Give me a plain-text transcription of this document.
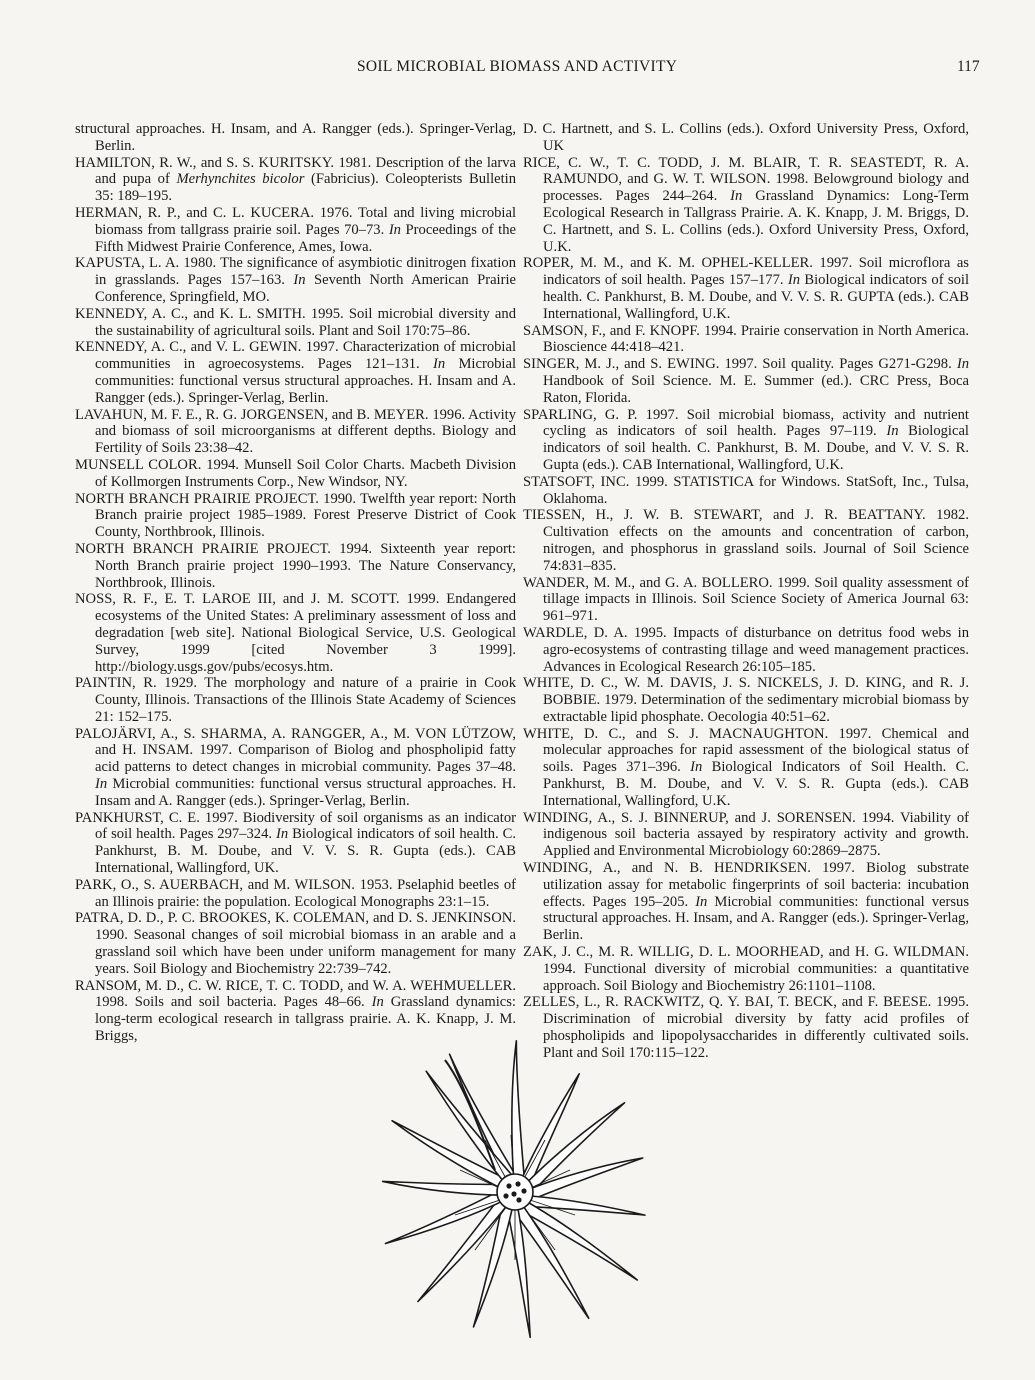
SOIL MICROBIAL BIOMASS AND ACTIVITY	117

structural approaches. H. Insam, and A. Rangger (eds.). Springer-Verlag, Berlin.

HAMILTON, R. W., and S. S. KURITSKY. 1981. Description of the larva and pupa of Merhynchites bicolor (Fabricius). Coleopterists Bulletin 35: 189–195.

HERMAN, R. P., and C. L. KUCERA. 1976. Total and living microbial biomass from tallgrass prairie soil. Pages 70–73. In Proceedings of the Fifth Midwest Prairie Conference, Ames, Iowa.

KAPUSTA, L. A. 1980. The significance of asymbiotic dinitrogen fixation in grasslands. Pages 157–163. In Seventh North American Prairie Conference, Springfield, MO.

KENNEDY, A. C., and K. L. SMITH. 1995. Soil microbial diversity and the sustainability of agricultural soils. Plant and Soil 170:75–86.

KENNEDY, A. C., and V. L. GEWIN. 1997. Characterization of microbial communities in agroecosystems. Pages 121–131. In Microbial communities: functional versus structural approaches. H. Insam and A. Rangger (eds.). Springer-Verlag, Berlin.

LAVAHUN, M. F. E., R. G. JORGENSEN, and B. MEYER. 1996. Activity and biomass of soil microorganisms at different depths. Biology and Fertility of Soils 23:38–42.

MUNSELL COLOR. 1994. Munsell Soil Color Charts. Macbeth Division of Kollmorgen Instruments Corp., New Windsor, NY.

NORTH BRANCH PRAIRIE PROJECT. 1990. Twelfth year report: North Branch prairie project 1985–1989. Forest Preserve District of Cook County, Northbrook, Illinois.

NORTH BRANCH PRAIRIE PROJECT. 1994. Sixteenth year report: North Branch prairie project 1990–1993. The Nature Conservancy, Northbrook, Illinois.

NOSS, R. F., E. T. LAROE III, and J. M. SCOTT. 1999. Endangered ecosystems of the United States: A preliminary assessment of loss and degradation [web site]. National Biological Service, U.S. Geological Survey, 1999 [cited November 3 1999]. http://biology.usgs.gov/pubs/ecosys.htm.

PAINTIN, R. 1929. The morphology and nature of a prairie in Cook County, Illinois. Transactions of the Illinois State Academy of Sciences 21: 152–175.

PALOJÄRVI, A., S. SHARMA, A. RANGGER, A., M. VON LÜTZOW, and H. INSAM. 1997. Comparison of Biolog and phospholipid fatty acid patterns to detect changes in microbial community. Pages 37–48. In Microbial communities: functional versus structural approaches. H. Insam and A. Rangger (eds.). Springer-Verlag, Berlin.

PANKHURST, C. E. 1997. Biodiversity of soil organisms as an indicator of soil health. Pages 297–324. In Biological indicators of soil health. C. Pankhurst, B. M. Doube, and V. V. S. R. Gupta (eds.). CAB International, Wallingford, UK.

PARK, O., S. AUERBACH, and M. WILSON. 1953. Pselaphid beetles of an Illinois prairie: the population. Ecological Monographs 23:1–15.

PATRA, D. D., P. C. BROOKES, K. COLEMAN, and D. S. JENKINSON. 1990. Seasonal changes of soil microbial biomass in an arable and a grassland soil which have been under uniform management for many years. Soil Biology and Biochemistry 22:739–742.

RANSOM, M. D., C. W. RICE, T. C. TODD, and W. A. WEHMUELLER. 1998. Soils and soil bacteria. Pages 48–66. In Grassland dynamics: long-term ecological research in tallgrass prairie. A. K. Knapp, J. M. Briggs,

D. C. Hartnett, and S. L. Collins (eds.). Oxford University Press, Oxford, UK

RICE, C. W., T. C. TODD, J. M. BLAIR, T. R. SEASTEDT, R. A. RAMUNDO, and G. W. T. WILSON. 1998. Belowground biology and processes. Pages 244–264. In Grassland Dynamics: Long-Term Ecological Research in Tallgrass Prairie. A. K. Knapp, J. M. Briggs, D. C. Hartnett, and S. L. Collins (eds.). Oxford University Press, Oxford, U.K.

ROPER, M. M., and K. M. OPHEL-KELLER. 1997. Soil microflora as indicators of soil health. Pages 157–177. In Biological indicators of soil health. C. Pankhurst, B. M. Doube, and V. V. S. R. GUPTA (eds.). CAB International, Wallingford, U.K.

SAMSON, F., and F. KNOPF. 1994. Prairie conservation in North America. Bioscience 44:418–421.

SINGER, M. J., and S. EWING. 1997. Soil quality. Pages G271-G298. In Handbook of Soil Science. M. E. Summer (ed.). CRC Press, Boca Raton, Florida.

SPARLING, G. P. 1997. Soil microbial biomass, activity and nutrient cycling as indicators of soil health. Pages 97–119. In Biological indicators of soil health. C. Pankhurst, B. M. Doube, and V. V. S. R. Gupta (eds.). CAB International, Wallingford, U.K.

STATSOFT, INC. 1999. STATISTICA for Windows. StatSoft, Inc., Tulsa, Oklahoma.

TIESSEN, H., J. W. B. STEWART, and J. R. BEATTANY. 1982. Cultivation effects on the amounts and concentration of carbon, nitrogen, and phosphorus in grassland soils. Journal of Soil Science 74:831–835.

WANDER, M. M., and G. A. BOLLERO. 1999. Soil quality assessment of tillage impacts in Illinois. Soil Science Society of America Journal 63: 961–971.

WARDLE, D. A. 1995. Impacts of disturbance on detritus food webs in agro-ecosystems of contrasting tillage and weed management practices. Advances in Ecological Research 26:105–185.

WHITE, D. C., W. M. DAVIS, J. S. NICKELS, J. D. KING, and R. J. BOBBIE. 1979. Determination of the sedimentary microbial biomass by extractable lipid phosphate. Oecologia 40:51–62.

WHITE, D. C., and S. J. MACNAUGHTON. 1997. Chemical and molecular approaches for rapid assessment of the biological status of soils. Pages 371–396. In Biological Indicators of Soil Health. C. Pankhurst, B. M. Doube, and V. V. S. R. Gupta (eds.). CAB International, Wallingford, U.K.

WINDING, A., S. J. BINNERUP, and J. SORENSEN. 1994. Viability of indigenous soil bacteria assayed by respiratory activity and growth. Applied and Environmental Microbiology 60:2869–2875.

WINDING, A., and N. B. HENDRIKSEN. 1997. Biolog substrate utilization assay for metabolic fingerprints of soil bacteria: incubation effects. Pages 195–205. In Microbial communities: functional versus structural approaches. H. Insam, and A. Rangger (eds.). Springer-Verlag, Berlin.

ZAK, J. C., M. R. WILLIG, D. L. MOORHEAD, and H. G. WILDMAN. 1994. Functional diversity of microbial communities: a quantitative approach. Soil Biology and Biochemistry 26:1101–1108.

ZELLES, L., R. RACKWITZ, Q. Y. BAI, T. BECK, and F. BEESE. 1995. Discrimination of microbial diversity by fatty acid profiles of phospholipids and lipopolysaccharides in differently cultivated soils. Plant and Soil 170:115–122.
